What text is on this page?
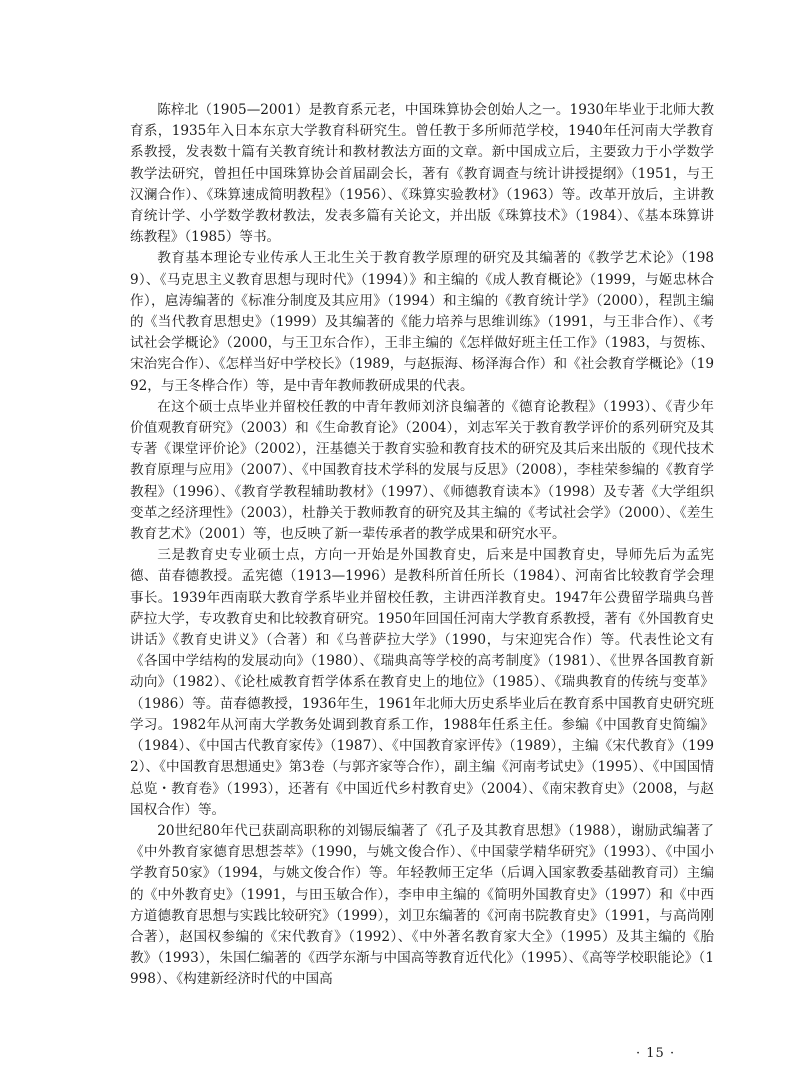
陈梓北（1905—2001）是教育系元老，中国珠算协会创始人之一。1930年毕业于北师大教育系，1935年入日本东京大学教育科研究生。曾任教于多所师范学校，1940年任河南大学教育系教授，发表数十篇有关教育统计和教材教法方面的文章。新中国成立后，主要致力于小学数学教学法研究，曾担任中国珠算协会首届副会长，著有《教育调查与统计讲授提纲》（1951，与王汉澜合作）、《珠算速成简明教程》（1956）、《珠算实验教材》（1963）等。改革开放后，主讲教育统计学、小学数学教材教法，发表多篇有关论文，并出版《珠算技术》（1984）、《基本珠算讲练教程》（1985）等书。

教育基本理论专业传承人王北生关于教育教学原理的研究及其编著的《教学艺术论》（1989）、《马克思主义教育思想与现时代》（1994）》和主编的《成人教育概论》（1999，与姬忠林合作），扈涛编著的《标准分制度及其应用》（1994）和主编的《教育统计学》（2000），程凯主编的《当代教育思想史》（1999）及其编著的《能力培养与思维训练》（1991，与王非合作）、《考试社会学概论》（2000，与王卫东合作），王非主编的《怎样做好班主任工作》（1983，与贺栋、宋治宪合作）、《怎样当好中学校长》（1989，与赵振海、杨泽海合作）和《社会教育学概论》（1992，与王冬桦合作）等，是中青年教师教研成果的代表。

在这个硕士点毕业并留校任教的中青年教师刘济良编著的《德育论教程》（1993）、《青少年价值观教育研究》（2003）和《生命教育论》（2004），刘志军关于教育教学评价的系列研究及其专著《课堂评价论》（2002），汪基德关于教育实验和教育技术的研究及其后来出版的《现代技术教育原理与应用》（2007）、《中国教育技术学科的发展与反思》（2008），李桂荣参编的《教育学教程》（1996）、《教育学教程辅助教材》（1997）、《师德教育读本》（1998）及专著《大学组织变革之经济理性》（2003），杜静关于教师教育的研究及其主编的《考试社会学》（2000）、《差生教育艺术》（2001）等，也反映了新一辈传承者的教学成果和研究水平。

三是教育史专业硕士点，方向一开始是外国教育史，后来是中国教育史，导师先后为孟宪德、苗春德教授。孟宪德（1913—1996）是教科所首任所长（1984）、河南省比较教育学会理事长。1939年西南联大教育学系毕业并留校任教，主讲西洋教育史。1947年公费留学瑞典乌普萨拉大学，专攻教育史和比较教育研究。1950年回国任河南大学教育系教授，著有《外国教育史讲话》《教育史讲义》（合著）和《乌普萨拉大学》（1990，与宋迎宪合作）等。代表性论文有《各国中学结构的发展动向》（1980）、《瑞典高等学校的高考制度》（1981）、《世界各国教育新动向》（1982）、《论杜威教育哲学体系在教育史上的地位》（1985）、《瑞典教育的传统与变革》（1986）等。苗春德教授，1936年生，1961年北师大历史系毕业后在教育系中国教育史研究班学习。1982年从河南大学教务处调到教育系工作，1988年任系主任。参编《中国教育史简编》（1984）、《中国古代教育家传》（1987）、《中国教育家评传》（1989），主编《宋代教育》（1992）、《中国教育思想通史》第3卷（与郭齐家等合作），副主编《河南考试史》（1995）、《中国国情总览・教育卷》（1993），还著有《中国近代乡村教育史》（2004）、《南宋教育史》（2008，与赵国权合作）等。

20世纪80年代已获副高职称的刘锡辰编著了《孔子及其教育思想》（1988），谢励武编著了《中外教育家德育思想荟萃》（1990，与姚文俊合作）、《中国蒙学精华研究》（1993）、《中国小学教育50家》（1994，与姚文俊合作）等。年轻教师王定华（后调入国家教委基础教育司）主编的《中外教育史》（1991，与田玉敏合作），李申申主编的《简明外国教育史》（1997）和《中西方道德教育思想与实践比较研究》（1999），刘卫东编著的《河南书院教育史》（1991，与高尚刚合著），赵国权参编的《宋代教育》（1992）、《中外著名教育家大全》（1995）及其主编的《胎教》（1993），朱国仁编著的《西学东渐与中国高等教育近代化》（1995）、《高等学校职能论》（1998）、《构建新经济时代的中国高

· 15 ·
